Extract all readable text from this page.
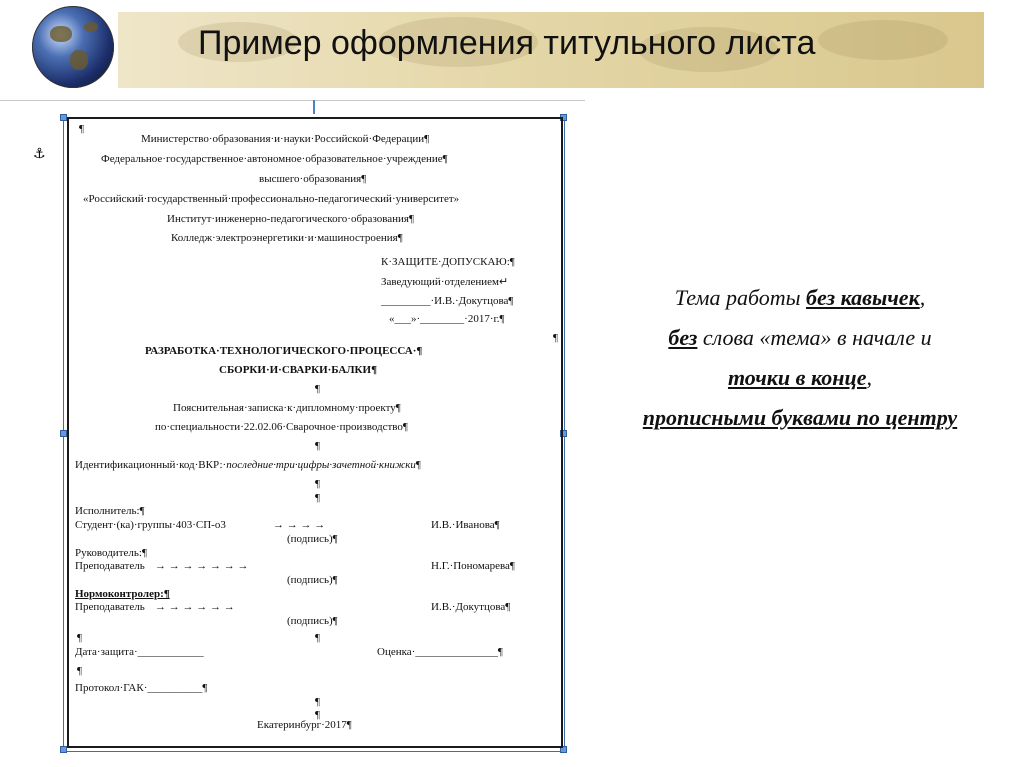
Пример оформления титульного листа
⚓
¶
Министерство·образования·и·науки·Российской·Федерации¶
Федеральное·государственное·автономное·образовательное·учреждение¶
высшего·образования¶
«Российский·государственный·профессионально-педагогический·университет»
Институт·инженерно-педагогического·образования¶
Колледж·электроэнергетики·и·машиностроения¶
К·ЗАЩИТЕ·ДОПУСКАЮ:¶
Заведующий·отделением↵
_________·И.В.·Докутцова¶
«___»·________·2017·г.¶
¶
РАЗРАБОТКА·ТЕХНОЛОГИЧЕСКОГО·ПРОЦЕССА·¶
СБОРКИ·И·СВАРКИ·БАЛКИ¶
¶
Пояснительная·записка·к·дипломному·проекту¶
по·специальности·22.02.06·Сварочное·производство¶
¶
Идентификационный·код·ВКР:·последние·три·цифры·зачетной·книжки¶
¶
¶
Исполнитель:¶
Студент·(ка)·группы·403·СП-о3	→ → → →	И.В.·Иванова¶
(подпись)¶
Руководитель:¶
Преподаватель → → → → → → →	Н.Г.·Пономарева¶
(подпись)¶
Нормоконтролер:¶
Преподаватель → → → → → →	И.В.·Докутцова¶
(подпись)¶
¶	¶
Дата·защита·____________	Оценка·_______________¶
¶
Протокол·ГАК·__________¶
¶
¶
Екатеринбург·2017¶
Тема работы без кавычек,
без слова «тема» в начале и
точки в конце,
прописными буквами по центру
